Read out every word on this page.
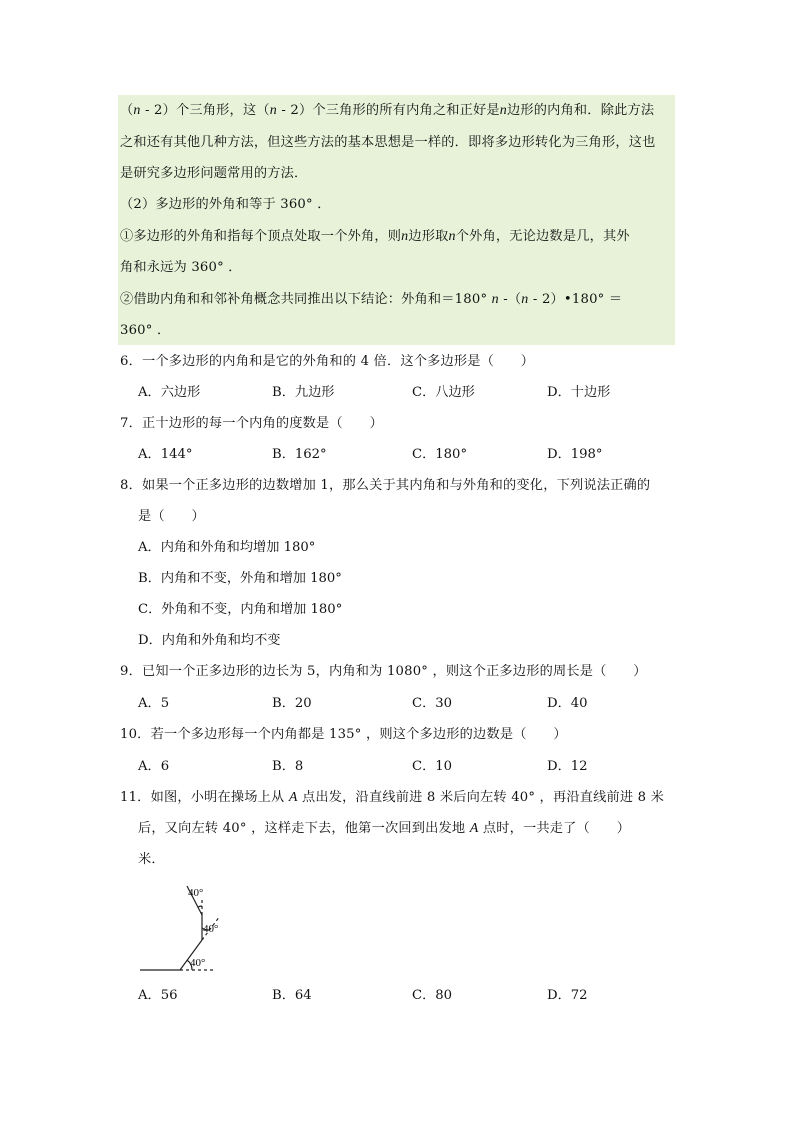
（n - 2）个三角形，这（n - 2）个三角形的所有内角之和正好是n边形的内角和．除此方法
之和还有其他几种方法，但这些方法的基本思想是一样的．即将多边形转化为三角形，这也
是研究多边形问题常用的方法．
（2）多边形的外角和等于 360° ．
①多边形的外角和指每个顶点处取一个外角，则n边形取n个外角，无论边数是几，其外
角和永远为 360° ．
②借助内角和和邻补角概念共同推出以下结论：外角和＝180° n -（n - 2）•180° ＝
360° ．
6．一个多边形的内角和是它的外角和的 4 倍．这个多边形是（　　）
A．六边形	B．九边形	C．八边形	D．十边形
7．正十边形的每一个内角的度数是（　　）
A．144°	B．162°	C．180°	D．198°
8．如果一个正多边形的边数增加 1，那么关于其内角和与外角和的变化，下列说法正确的
是（　　）
A．内角和外角和均增加 180°
B．内角和不变，外角和增加 180°
C．外角和不变，内角和增加 180°
D．内角和外角和均不变
9．已知一个正多边形的边长为 5，内角和为 1080° ，则这个正多边形的周长是（　　）
A．5	B．20	C．30	D．40
10．若一个多边形每一个内角都是 135° ，则这个多边形的边数是（　　）
A．6	B．8	C．10	D．12
11．如图，小明在操场上从 A 点出发，沿直线前进 8 米后向左转 40° ，再沿直线前进 8 米
后，又向左转 40° ，这样走下去，他第一次回到出发地 A 点时，一共走了（　　）
米．
40°
40°
40°
A．56	B．64	C．80	D．72
